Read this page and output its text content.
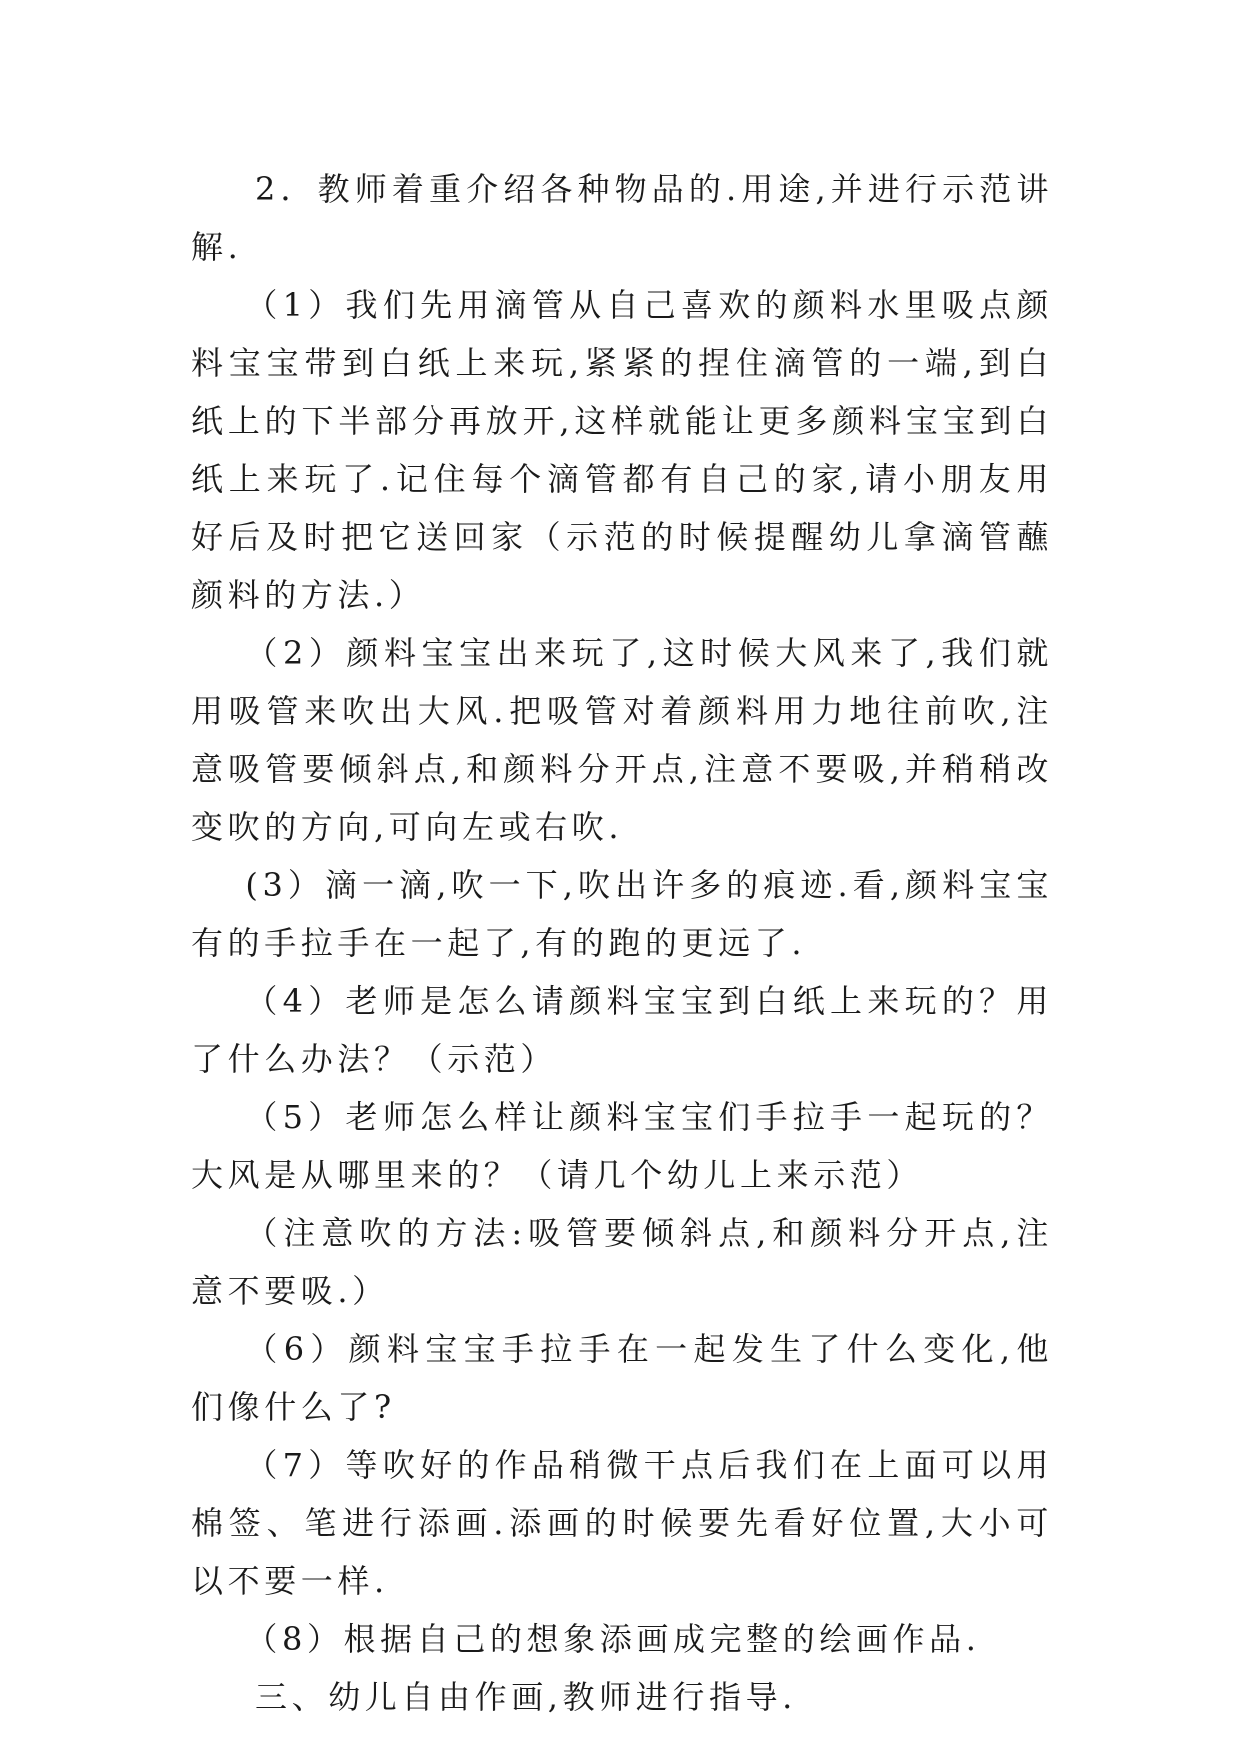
2．教师着重介绍各种物品的.用途,并进行示范讲解.

（1）我们先用滴管从自己喜欢的颜料水里吸点颜料宝宝带到白纸上来玩,紧紧的捏住滴管的一端,到白纸上的下半部分再放开,这样就能让更多颜料宝宝到白纸上来玩了.记住每个滴管都有自己的家,请小朋友用好后及时把它送回家（示范的时候提醒幼儿拿滴管蘸颜料的方法.）

（2）颜料宝宝出来玩了,这时候大风来了,我们就用吸管来吹出大风.把吸管对着颜料用力地往前吹,注意吸管要倾斜点,和颜料分开点,注意不要吸,并稍稍改变吹的方向,可向左或右吹.

(3）滴一滴,吹一下,吹出许多的痕迹.看,颜料宝宝有的手拉手在一起了,有的跑的更远了.

（4）老师是怎么请颜料宝宝到白纸上来玩的？用了什么办法？（示范）

（5）老师怎么样让颜料宝宝们手拉手一起玩的？大风是从哪里来的？（请几个幼儿上来示范）

（注意吹的方法:吸管要倾斜点,和颜料分开点,注意不要吸.）

（6）颜料宝宝手拉手在一起发生了什么变化,他们像什么了?

（7）等吹好的作品稍微干点后我们在上面可以用棉签、笔进行添画.添画的时候要先看好位置,大小可以不要一样.

（8）根据自己的想象添画成完整的绘画作品.

三、幼儿自由作画,教师进行指导.
